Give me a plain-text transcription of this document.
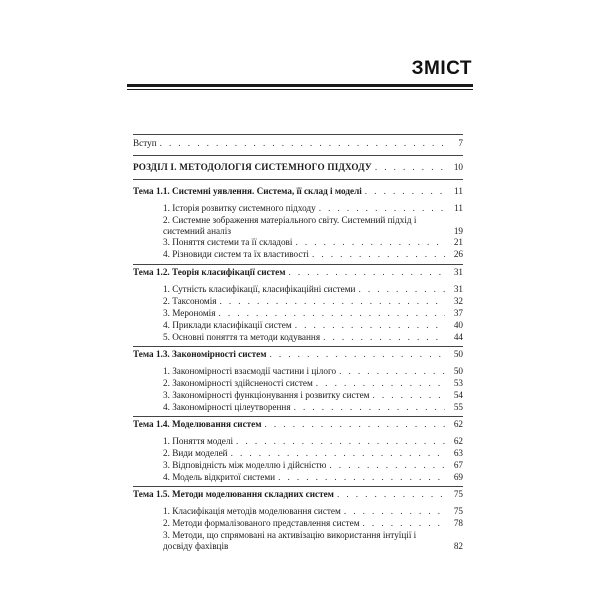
ЗМІСТ
Вступ . . .	7
РОЗДІЛ І. МЕТОДОЛОГІЯ СИСТЕМНОГО ПІДХОДУ . . .	10
Тема 1.1. Системні уявлення. Система, її склад і моделі . . .	11
1. Історія розвитку системного підходу . . .	11
2. Системне зображення матеріального світу. Системний підхід і системний аналіз	19
3. Поняття системи та її складові . . .	21
4. Різновиди систем та їх властивості . . .	26
Тема 1.2. Теорія класифікації систем . . .	31
1. Сутність класифікації, класифікаційні системи . . .	31
2. Таксономія . . .	32
3. Мерономія . . .	37
4. Приклади класифікації систем . . .	40
5. Основні поняття та методи кодування . . .	44
Тема 1.3. Закономірності систем . . .	50
1. Закономірності взаємодії частини і цілого . . .	50
2. Закономірності здійсненості систем . . .	53
3. Закономірності функціонування і розвитку систем . . .	54
4. Закономірності цілеутворення . . .	55
Тема 1.4. Моделювання систем . . .	62
1. Поняття моделі . . .	62
2. Види моделей . . .	63
3. Відповідність між моделлю і дійсністю . . .	67
4. Модель відкритої системи . . .	69
Тема 1.5. Методи моделювання складних систем . . .	75
1. Класифікація методів моделювання систем . . .	75
2. Методи формалізованого представлення систем . . .	78
3. Методи, що спрямовані на активізацію використання інтуїції і досвіду фахівців	82
